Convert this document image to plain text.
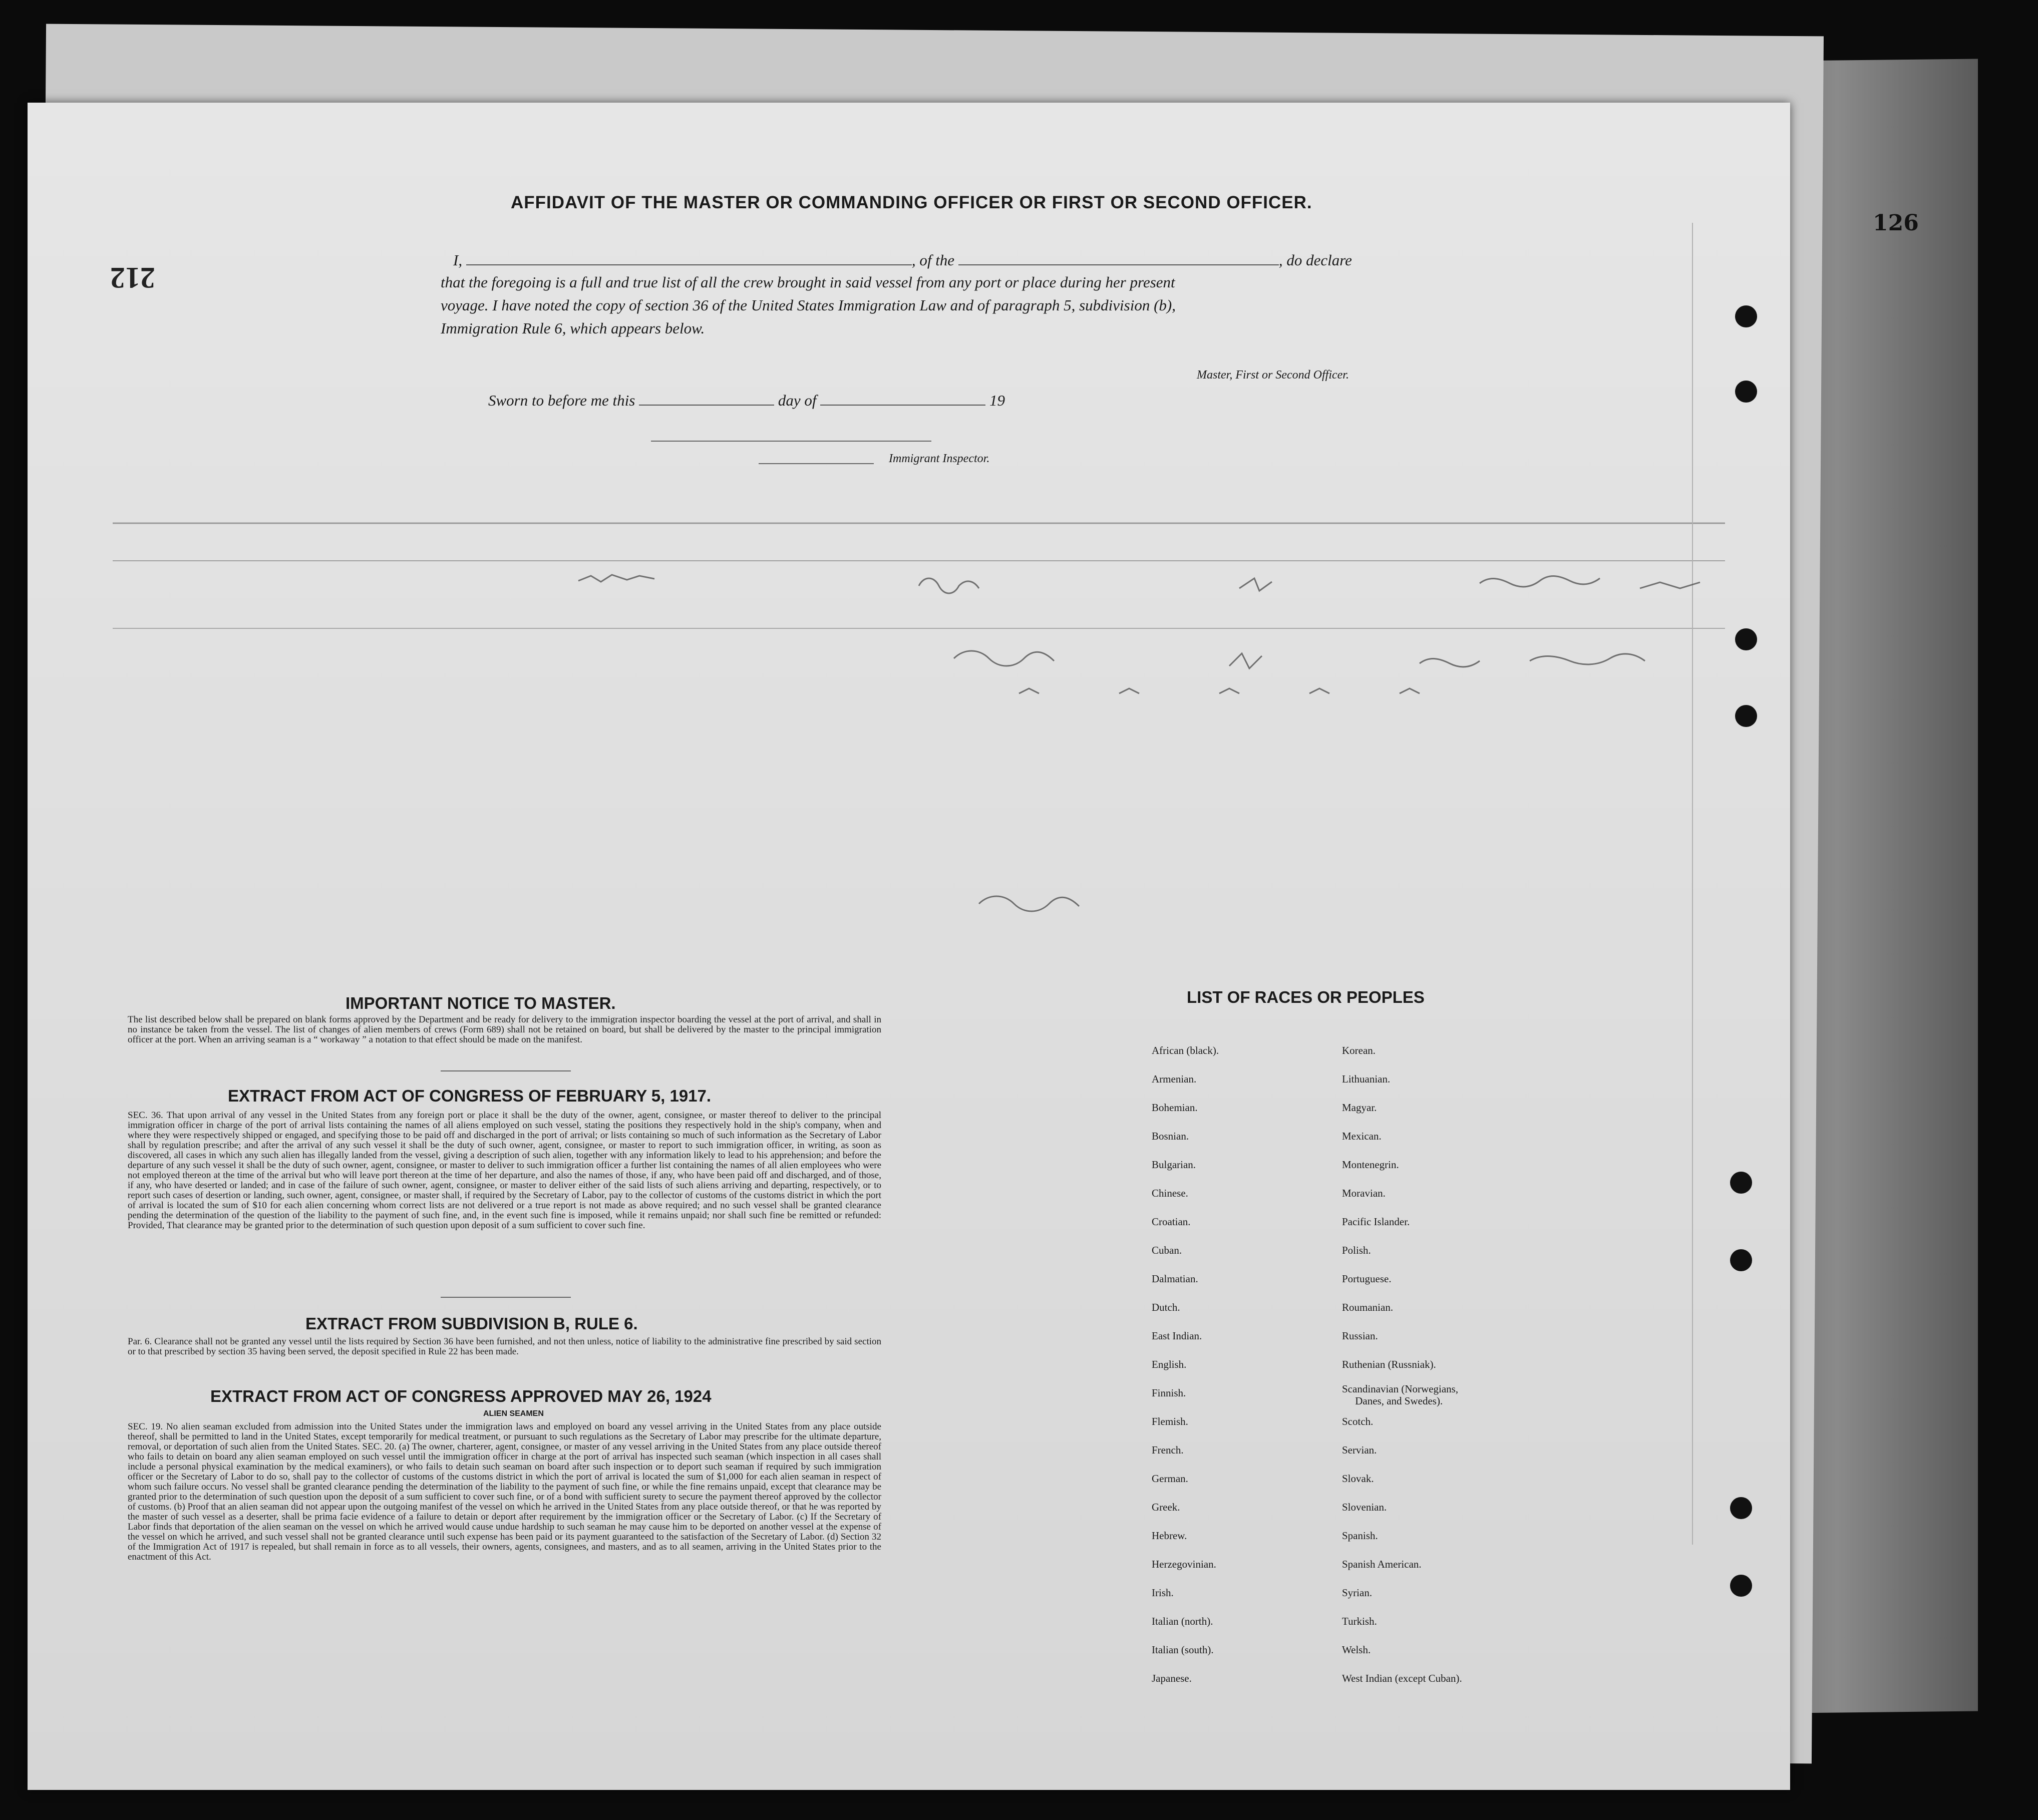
126
212
AFFIDAVIT OF THE MASTER OR COMMANDING OFFICER OR FIRST OR SECOND OFFICER.
I,	, of the	, do declare
that the foregoing is a full and true list of all the crew brought in said vessel from any port or place during her present
voyage. I have noted the copy of section 36 of the United States Immigration Law and of paragraph 5, subdivision (b),
Immigration Rule 6, which appears below.
Master, First or Second Officer.
Sworn to before me this	day of	19
Immigrant Inspector.
IMPORTANT NOTICE TO MASTER.
The list described below shall be prepared on blank forms approved by the Department and be ready for delivery to the immigration inspector boarding the vessel at the port of arrival, and shall in no instance be taken from the vessel. The list of changes of alien members of crews (Form 689) shall not be retained on board, but shall be delivered by the master to the principal immigration officer at the port. When an arriving seaman is a “ workaway ” a notation to that effect should be made on the manifest.
EXTRACT FROM ACT OF CONGRESS OF FEBRUARY 5, 1917.
SEC. 36. That upon arrival of any vessel in the United States from any foreign port or place it shall be the duty of the owner, agent, consignee, or master thereof to deliver to the principal immigration officer in charge of the port of arrival lists containing the names of all aliens employed on such vessel, stating the positions they respectively hold in the ship's company, when and where they were respectively shipped or engaged, and specifying those to be paid off and discharged in the port of arrival; or lists containing so much of such information as the Secretary of Labor shall by regulation prescribe; and after the arrival of any such vessel it shall be the duty of such owner, agent, consignee, or master to report to such immigration officer, in writing, as soon as discovered, all cases in which any such alien has illegally landed from the vessel, giving a description of such alien, together with any information likely to lead to his apprehension; and before the departure of any such vessel it shall be the duty of such owner, agent, consignee, or master to deliver to such immigration officer a further list containing the names of all alien employees who were not employed thereon at the time of the arrival but who will leave port thereon at the time of her departure, and also the names of those, if any, who have been paid off and discharged, and of those, if any, who have deserted or landed; and in case of the failure of such owner, agent, consignee, or master to deliver either of the said lists of such aliens arriving and departing, respectively, or to report such cases of desertion or landing, such owner, agent, consignee, or master shall, if required by the Secretary of Labor, pay to the collector of customs of the customs district in which the port of arrival is located the sum of $10 for each alien concerning whom correct lists are not delivered or a true report is not made as above required; and no such vessel shall be granted clearance pending the determination of the question of the liability to the payment of such fine, and, in the event such fine is imposed, while it remains unpaid; nor shall such fine be remitted or refunded: Provided, That clearance may be granted prior to the determination of such question upon deposit of a sum sufficient to cover such fine.
EXTRACT FROM SUBDIVISION B, RULE 6.
Par. 6. Clearance shall not be granted any vessel until the lists required by Section 36 have been furnished, and not then unless, notice of liability to the administrative fine prescribed by said section or to that prescribed by section 35 having been served, the deposit specified in Rule 22 has been made.
EXTRACT FROM ACT OF CONGRESS APPROVED MAY 26, 1924
ALIEN SEAMEN
SEC. 19. No alien seaman excluded from admission into the United States under the immigration laws and employed on board any vessel arriving in the United States from any place outside thereof, shall be permitted to land in the United States, except temporarily for medical treatment, or pursuant to such regulations as the Secretary of Labor may prescribe for the ultimate departure, removal, or deportation of such alien from the United States. SEC. 20. (a) The owner, charterer, agent, consignee, or master of any vessel arriving in the United States from any place outside thereof who fails to detain on board any alien seaman employed on such vessel until the immigration officer in charge at the port of arrival has inspected such seaman (which inspection in all cases shall include a personal physical examination by the medical examiners), or who fails to detain such seaman on board after such inspection or to deport such seaman if required by such immigration officer or the Secretary of Labor to do so, shall pay to the collector of customs of the customs district in which the port of arrival is located the sum of $1,000 for each alien seaman in respect of whom such failure occurs. No vessel shall be granted clearance pending the determination of the liability to the payment of such fine, or while the fine remains unpaid, except that clearance may be granted prior to the determination of such question upon the deposit of a sum sufficient to cover such fine, or of a bond with sufficient surety to secure the payment thereof approved by the collector of customs. (b) Proof that an alien seaman did not appear upon the outgoing manifest of the vessel on which he arrived in the United States from any place outside thereof, or that he was reported by the master of such vessel as a deserter, shall be prima facie evidence of a failure to detain or deport after requirement by the immigration officer or the Secretary of Labor. (c) If the Secretary of Labor finds that deportation of the alien seaman on the vessel on which he arrived would cause undue hardship to such seaman he may cause him to be deported on another vessel at the expense of the vessel on which he arrived, and such vessel shall not be granted clearance until such expense has been paid or its payment guaranteed to the satisfaction of the Secretary of Labor. (d) Section 32 of the Immigration Act of 1917 is repealed, but shall remain in force as to all vessels, their owners, agents, consignees, and masters, and as to all seamen, arriving in the United States prior to the enactment of this Act.
LIST OF RACES OR PEOPLES
African (black).
Armenian.
Bohemian.
Bosnian.
Bulgarian.
Chinese.
Croatian.
Cuban.
Dalmatian.
Dutch.
East Indian.
English.
Finnish.
Flemish.
French.
German.
Greek.
Hebrew.
Herzegovinian.
Irish.
Italian (north).
Italian (south).
Japanese.
Korean.
Lithuanian.
Magyar.
Mexican.
Montenegrin.
Moravian.
Pacific Islander.
Polish.
Portuguese.
Roumanian.
Russian.
Ruthenian (Russniak).
Scandinavian (Norwegians,
Danes, and Swedes).
Scotch.
Servian.
Slovak.
Slovenian.
Spanish.
Spanish American.
Syrian.
Turkish.
Welsh.
West Indian (except Cuban).
